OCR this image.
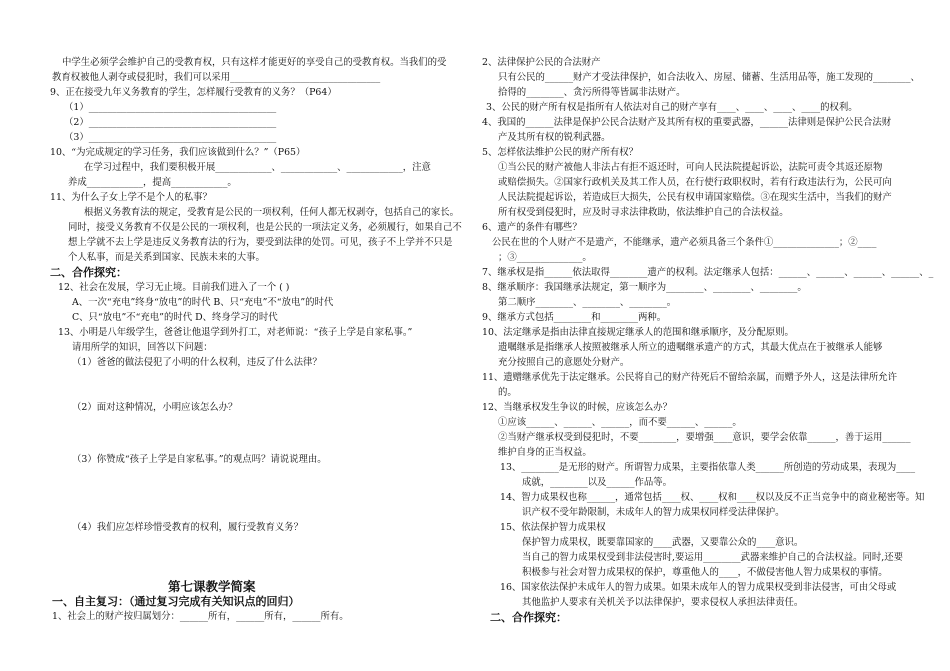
中学生必须学会维护自己的受教育权，只有这样才能更好的享受自己的受教育权。当我们的受
教育权被他人剥夺或侵犯时，我们可以采用________________________________
9、正在接受九年义务教育的学生，怎样履行受教育的义务？（P64）
（1）________________________________________
（2）________________________________________
（3）________________________________________
10、“为完成规定的学习任务，我们应该做到什么？”（P65）
在学习过程中，我们要积极开展____________、____________、____________，注意
养成____________，提高____________。
11、为什么子女上学不是个人的私事？
根据义务教育法的规定，受教育是公民的一项权利，任何人都无权剥夺，包括自己的家长。
同时，接受义务教育不仅是公民的一项权利，也是公民的一项法定义务，必须履行，如果自己不
想上学就不去上学是违反义务教育法的行为，要受到法律的处罚。可见，孩子不上学并不只是
个人私事，而是关系到国家、民族未来的大事。
二、合作探究：
12、社会在发展，学习无止境。目前我们进入了一个 ( )
A、一次“充电”终身“放电”的时代 B、只“充电”不“放电”的时代
C、只“放电”不“充电”的时代 D、终身学习的时代
13、小明是八年级学生，爸爸让他退学到外打工，对老师说：“孩子上学是自家私事。”
请用所学的知识，回答以下问题：
（1）爸爸的做法侵犯了小明的什么权利，违反了什么法律？
（2）面对这种情况，小明应该怎么办？
（3）你赞成“孩子上学是自家私事。”的观点吗？请说说理由。
（4）我们应怎样珍惜受教育的权利，履行受教育义务？
第七课教学简案
一、自主复习：（通过复习完成有关知识点的回归）
1、社会上的财产按归属划分：______所有，______所有，______所有。
2、法律保护公民的合法财产
只有公民的______财产才受法律保护，如合法收入、房屋、储蓄、生活用品等，施工发现的________、
拾得的________、贪污所得等皆属非法财产。
3、公民的财产所有权是指所有人依法对自己的财产享有____、____、____、____的权利。
4、我国的______法律是保护公民合法财产及其所有权的重要武器，______法律则是保护公民合法财
产及其所有权的锐利武器。
5、怎样依法维护公民的财产所有权？
①当公民的财产被他人非法占有拒不返还时，可向人民法院提起诉讼，法院可责令其返还原物
或赔偿损失。②国家行政机关及其工作人员，在行使行政职权时，若有行政违法行为，公民可向
人民法院提起诉讼，若造成巨大损失，公民有权申请国家赔偿。③在现实生活中，当我们的财产
所有权受到侵犯时，应及时寻求法律救助，依法维护自己的合法权益。
6、遗产的条件有哪些？
公民在世的个人财产不是遗产，不能继承，遗产必须具备三个条件①______________；②____
；③______________。
7、继承权是指______依法取得________遗产的权利。法定继承人包括：______、______、______、______、_
8、继承顺序：我国继承法规定，第一顺序为________、________、________。
第二顺序________、________、________。
9、继承方式包括________和________两种。
10、法定继承是指由法律直接规定继承人的范围和继承顺序，及分配原则。
遗嘱继承是指继承人按照被继承人所立的遗嘱继承遗产的方式，其最大优点在于被继承人能够
充分按照自己的意愿处分财产。
11、遗赠继承优先于法定继承。公民将自己的财产待死后不留给亲属，而赠予外人，这是法律所允许
的。
12、当继承权发生争议的时候，应该怎么办？
①应该______、______、______，而不要______、______。
②当财产继承权受到侵犯时，不要________，要增强____意识，要学会依靠______，善于运用______
维护自身的正当权益。
13、________是无形的财产。所谓智力成果，主要指依靠人类______所创造的劳动成果，表现为____
成就，________以及______作品等。
14、智力成果权也称______，通常包括____权、____权和____权以及反不正当竞争中的商业秘密等。知
识产权不受年龄限制，未成年人的智力成果权同样受法律保护。
15、依法保护智力成果权
保护智力成果权，既要靠国家的____武器，又要靠公众的____意识。
当自己的智力成果权受到非法侵害时,要运用________武器来维护自己的合法权益。同时,还要
积极参与社会对智力成果权的保护，尊重他人的____，不做侵害他人智力成果权的事情。
16、国家依法保护未成年人的智力成果。如果未成年人的智力成果权受到非法侵害，可由父母或
其他监护人要求有关机关予以法律保护，要求侵权人承担法律责任。
二、合作探究：
